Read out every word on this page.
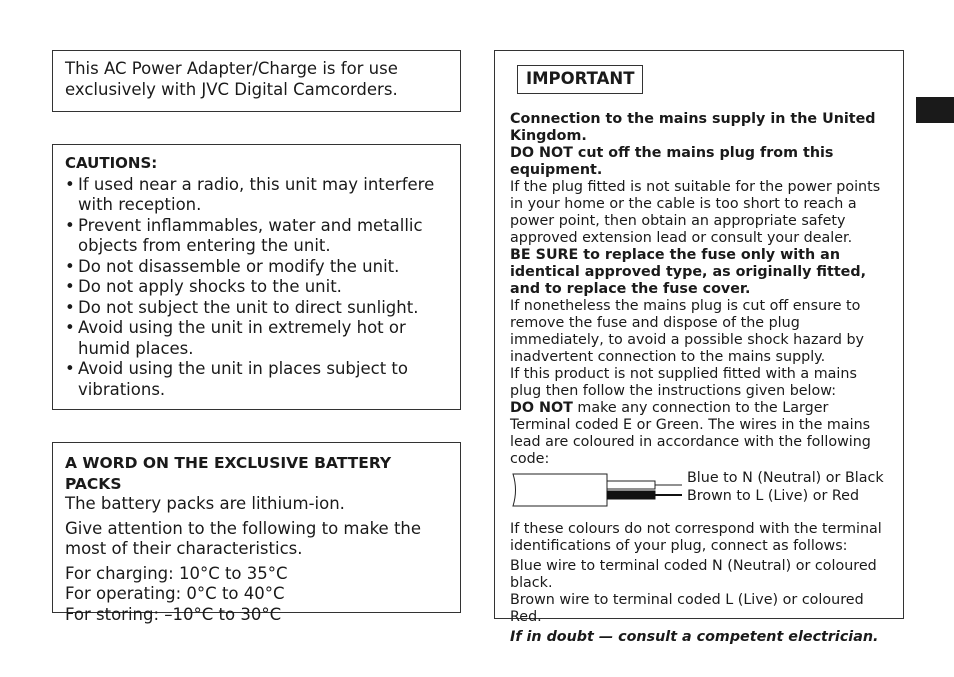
This AC Power Adapter/Charge is for use
exclusively with JVC Digital Camcorders.
CAUTIONS:
• If used near a radio, this unit may interfere with reception.
• Prevent inflammables, water and metallic objects from entering the unit.
• Do not disassemble or modify the unit.
• Do not apply shocks to the unit.
• Do not subject the unit to direct sunlight.
• Avoid using the unit in extremely hot or humid places.
• Avoid using the unit in places subject to vibrations.
A WORD ON THE EXCLUSIVE BATTERY PACKS
The battery packs are lithium-ion.
Give attention to the following to make the most of their characteristics.
For charging: 10°C to 35°C
For operating: 0°C to 40°C
For storing: –10°C to 30°C
IMPORTANT
Connection to the mains supply in the United Kingdom.
DO NOT cut off the mains plug from this equipment.
If the plug fitted is not suitable for the power points in your home or the cable is too short to reach a power point, then obtain an appropriate safety approved extension lead or consult your dealer.
BE SURE to replace the fuse only with an identical approved type, as originally fitted, and to replace the fuse cover.
If nonetheless the mains plug is cut off ensure to remove the fuse and dispose of the plug immediately, to avoid a possible shock hazard by inadvertent connection to the mains supply.
If this product is not supplied fitted with a mains plug then follow the instructions given below:
DO NOT make any connection to the Larger Terminal coded E or Green. The wires in the mains lead are coloured in accordance with the following code:
Blue to N (Neutral) or Black
Brown to L (Live) or Red
If these colours do not correspond with the terminal identifications of your plug, connect as follows:
Blue wire to terminal coded N (Neutral) or coloured black.
Brown wire to terminal coded L (Live) or coloured Red.
If in doubt — consult a competent electrician.
